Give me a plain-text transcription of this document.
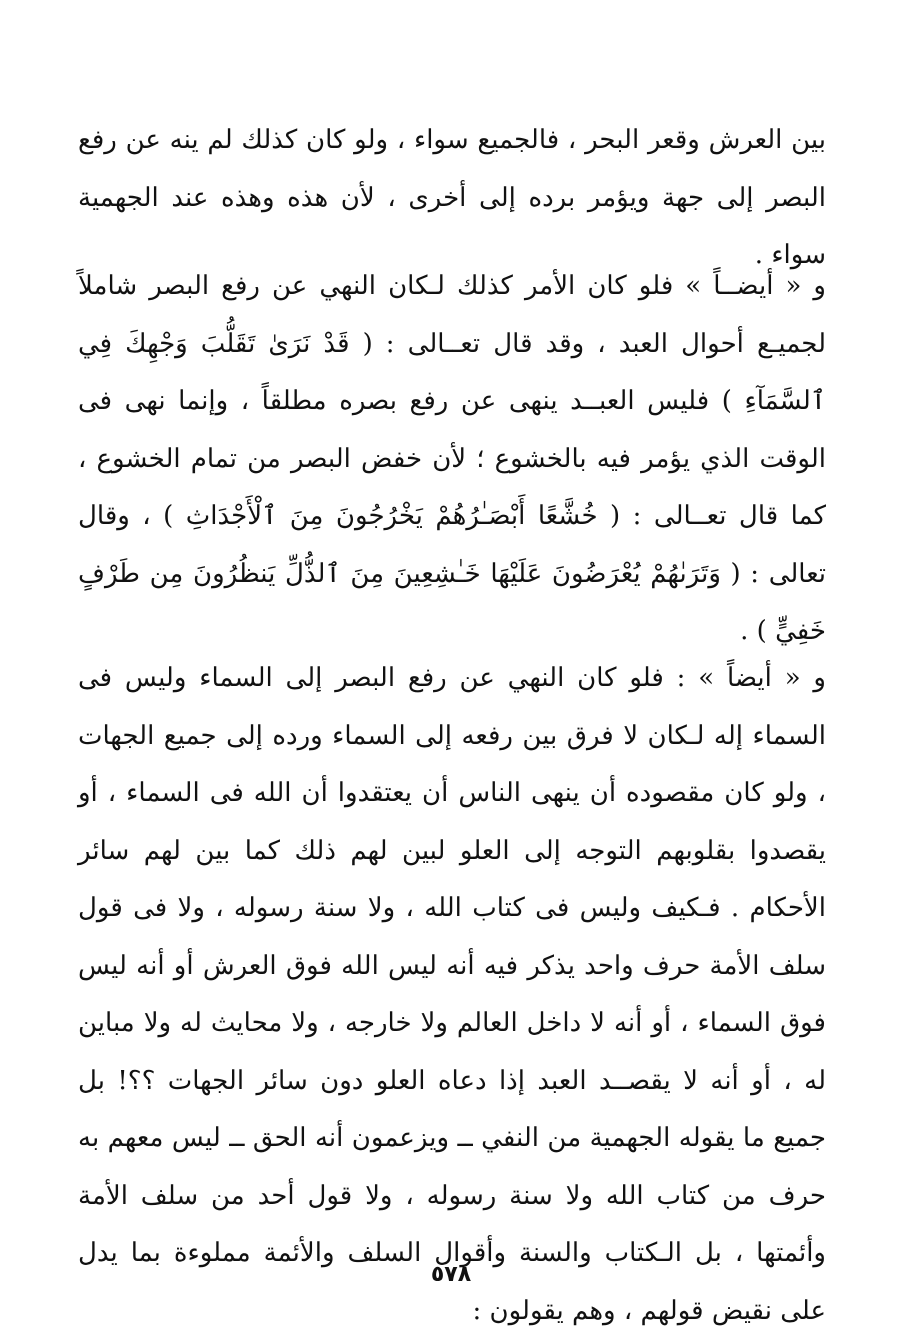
بين العرش وقعر البحر ، فالجميع سواء ، ولو كان كذلك لم ينه عن رفع البصر إلى جهة ويؤمر برده إلى أخرى ، لأن هذه وهذه عند الجهمية سواء .

و « أيضــاً » فلو كان الأمر كذلك لـكان النهي عن رفع البصر شاملاً لجميـع أحوال العبد ، وقد قال تعــالى : ( قَدْ نَرَىٰ تَقَلُّبَ وَجْهِكَ فِي ٱلسَّمَآءِ ) فليس العبــد ينهى عن رفع بصره مطلقاً ، وإنما نهى فى الوقت الذي يؤمر فيه بالخشوع ؛ لأن خفض البصر من تمام الخشوع ، كما قال تعــالى : ( خُشَّعًا أَبْصَـٰرُهُمْ يَخْرُجُونَ مِنَ ٱلْأَجْدَاثِ ) ، وقال تعالى : ( وَتَرَىٰهُمْ يُعْرَضُونَ عَلَيْهَا خَـٰشِعِينَ مِنَ ٱلذُّلِّ يَنظُرُونَ مِن طَرْفٍ خَفِيٍّ ) .

و « أيضاً » : فلو كان النهي عن رفع البصر إلى السماء وليس فى السماء إله لـكان لا فرق بين رفعه إلى السماء ورده إلى جميع الجهات ، ولو كان مقصوده أن ينهى الناس أن يعتقدوا أن الله فى السماء ، أو يقصدوا بقلوبهم التوجه إلى العلو لبين لهم ذلك كما بين لهم سائر الأحكام . فـكيف وليس فى كتاب الله ، ولا سنة رسوله ، ولا فى قول سلف الأمة حرف واحد يذكر فيه أنه ليس الله فوق العرش أو أنه ليس فوق السماء ، أو أنه لا داخل العالم ولا خارجه ، ولا محايث له ولا مباين له ، أو أنه لا يقصــد العبد إذا دعاه العلو دون سائر الجهات ؟؟! بل جميع ما يقوله الجهمية من النفي ــ ويزعمون أنه الحق ــ ليس معهم به حرف من كتاب الله ولا سنة رسوله ، ولا قول أحد من سلف الأمة وأئمتها ، بل الـكتاب والسنة وأقوال السلف والأئمة مملوءة بما يدل على نقيض قولهم ، وهم يقولون :

٥٧٨
